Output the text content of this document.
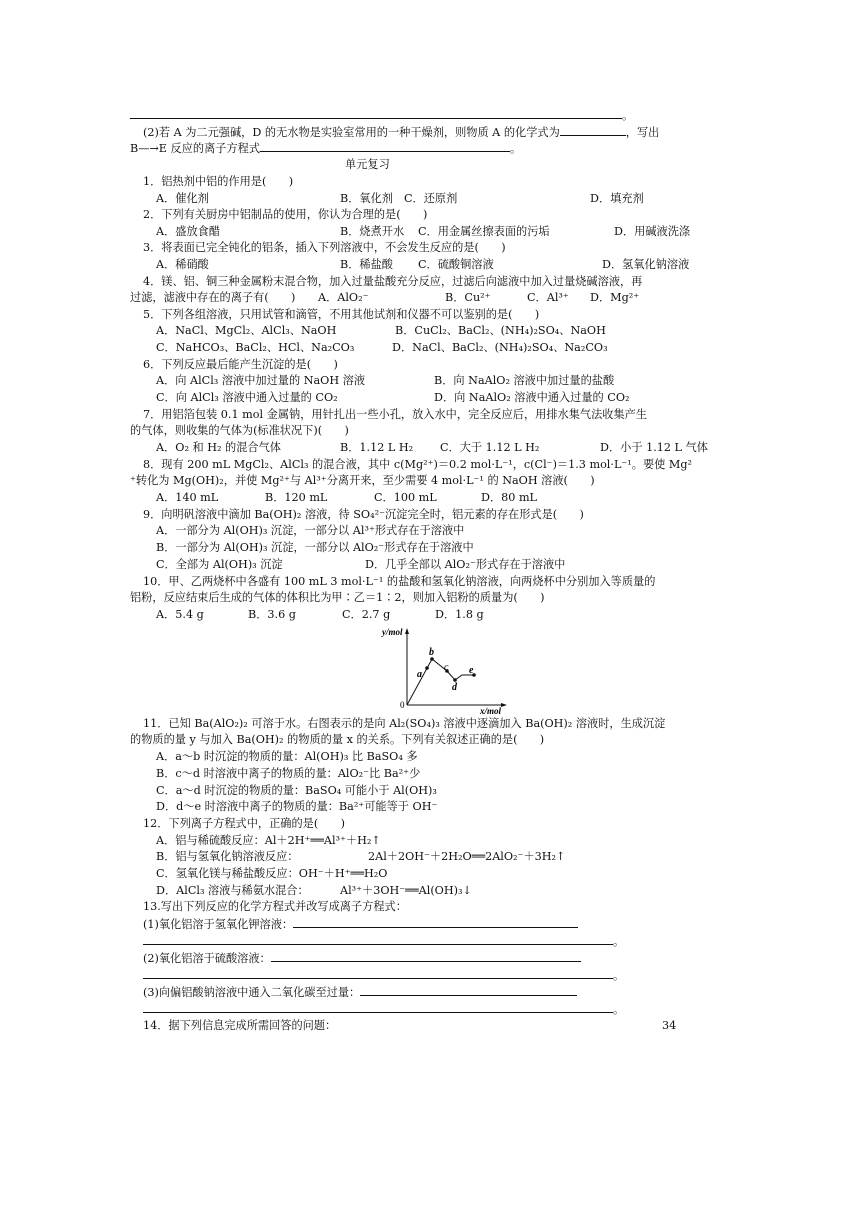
。
(2)若 A 为二元强碱，D 的无水物是实验室常用的一种干燥剂，则物质 A 的化学式为	，写出
B—→E 反应的离子方程式	。
单元复习
1．铝热剂中铝的作用是(　　)
A．催化剂	B．氧化剂 C．还原剂	D．填充剂
2．下列有关厨房中铝制品的使用，你认为合理的是(　　)
A．盛放食醋	B．烧煮开水 C．用金属丝擦表面的污垢	D．用碱液洗涤
3．将表面已完全钝化的铝条，插入下列溶液中，不会发生反应的是(　　)
A．稀硝酸	B．稀盐酸 C．硫酸铜溶液	D．氢氧化钠溶液
4．镁、铝、铜三种金属粉末混合物，加入过量盐酸充分反应，过滤后向滤液中加入过量烧碱溶液，再
过滤，滤液中存在的离子有(　　) A．AlO₂⁻	B．Cu²⁺	C．Al³⁺ D．Mg²⁺
5．下列各组溶液，只用试管和滴管，不用其他试剂和仪器不可以鉴别的是(　　)
A．NaCl、MgCl₂、AlCl₃、NaOH	B．CuCl₂、BaCl₂、(NH₄)₂SO₄、NaOH
C．NaHCO₃、BaCl₂、HCl、Na₂CO₃	D．NaCl、BaCl₂、(NH₄)₂SO₄、Na₂CO₃
6．下列反应最后能产生沉淀的是(　　)
A．向 AlCl₃ 溶液中加过量的 NaOH 溶液	B．向 NaAlO₂ 溶液中加过量的盐酸
C．向 AlCl₃ 溶液中通入过量的 CO₂	D．向 NaAlO₂ 溶液中通入过量的 CO₂
7．用铝箔包装 0.1 mol 金属钠，用针扎出一些小孔，放入水中，完全反应后，用排水集气法收集产生
的气体，则收集的气体为(标准状况下)(　　)
A．O₂ 和 H₂ 的混合气体	B．1.12 L H₂ C．大于 1.12 L H₂	D．小于 1.12 L 气体
8．现有 200 mL MgCl₂、AlCl₃ 的混合液，其中 c(Mg²⁺)＝0.2 mol·L⁻¹，c(Cl⁻)＝1.3 mol·L⁻¹。要使 Mg²
⁺转化为 Mg(OH)₂，并使 Mg²⁺与 Al³⁺分离开来，至少需要 4 mol·L⁻¹ 的 NaOH 溶液(　　)
A．140 mL	B．120 mL	C．100 mL	D．80 mL
9．向明矾溶液中滴加 Ba(OH)₂ 溶液，待 SO₄²⁻沉淀完全时，铝元素的存在形式是(　　)
A．一部分为 Al(OH)₃ 沉淀，一部分以 Al³⁺形式存在于溶液中
B．一部分为 Al(OH)₃ 沉淀，一部分以 AlO₂⁻形式存在于溶液中
C．全部为 Al(OH)₃ 沉淀	D．几乎全部以 AlO₂⁻形式存在于溶液中
10．甲、乙两烧杯中各盛有 100 mL 3 mol·L⁻¹ 的盐酸和氢氧化钠溶液，向两烧杯中分别加入等质量的
铝粉，反应结束后生成的气体的体积比为甲∶乙＝1∶2，则加入铝粉的质量为(　　)
A．5.4 g	B．3.6 g	C．2.7 g	D．1.8 g
y/mol
x/mol
0
a
b
c
d
e
11．已知 Ba(AlO₂)₂ 可溶于水。右图表示的是向 Al₂(SO₄)₃ 溶液中逐滴加入 Ba(OH)₂ 溶液时，生成沉淀
的物质的量 y 与加入 Ba(OH)₂ 的物质的量 x 的关系。下列有关叙述正确的是(　　)
A．a～b 时沉淀的物质的量：Al(OH)₃ 比 BaSO₄ 多
B．c～d 时溶液中离子的物质的量：AlO₂⁻比 Ba²⁺少
C．a～d 时沉淀的物质的量：BaSO₄ 可能小于 Al(OH)₃
D．d～e 时溶液中离子的物质的量：Ba²⁺可能等于 OH⁻
12．下列离子方程式中，正确的是(　　)
A．铝与稀硫酸反应：Al＋2H⁺══Al³⁺＋H₂↑
B．铝与氢氧化钠溶液反应：	2Al＋2OH⁻＋2H₂O══2AlO₂⁻＋3H₂↑
C．氢氧化镁与稀盐酸反应：OH⁻＋H⁺══H₂O
D．AlCl₃ 溶液与稀氨水混合：	Al³⁺＋3OH⁻══Al(OH)₃↓
13.写出下列反应的化学方程式并改写成离子方程式：
(1)氧化铝溶于氢氧化钾溶液：
。
(2)氧化铝溶于硫酸溶液：
。
(3)向偏铝酸钠溶液中通入二氧化碳至过量：
。
14．据下列信息完成所需回答的问题：	34
